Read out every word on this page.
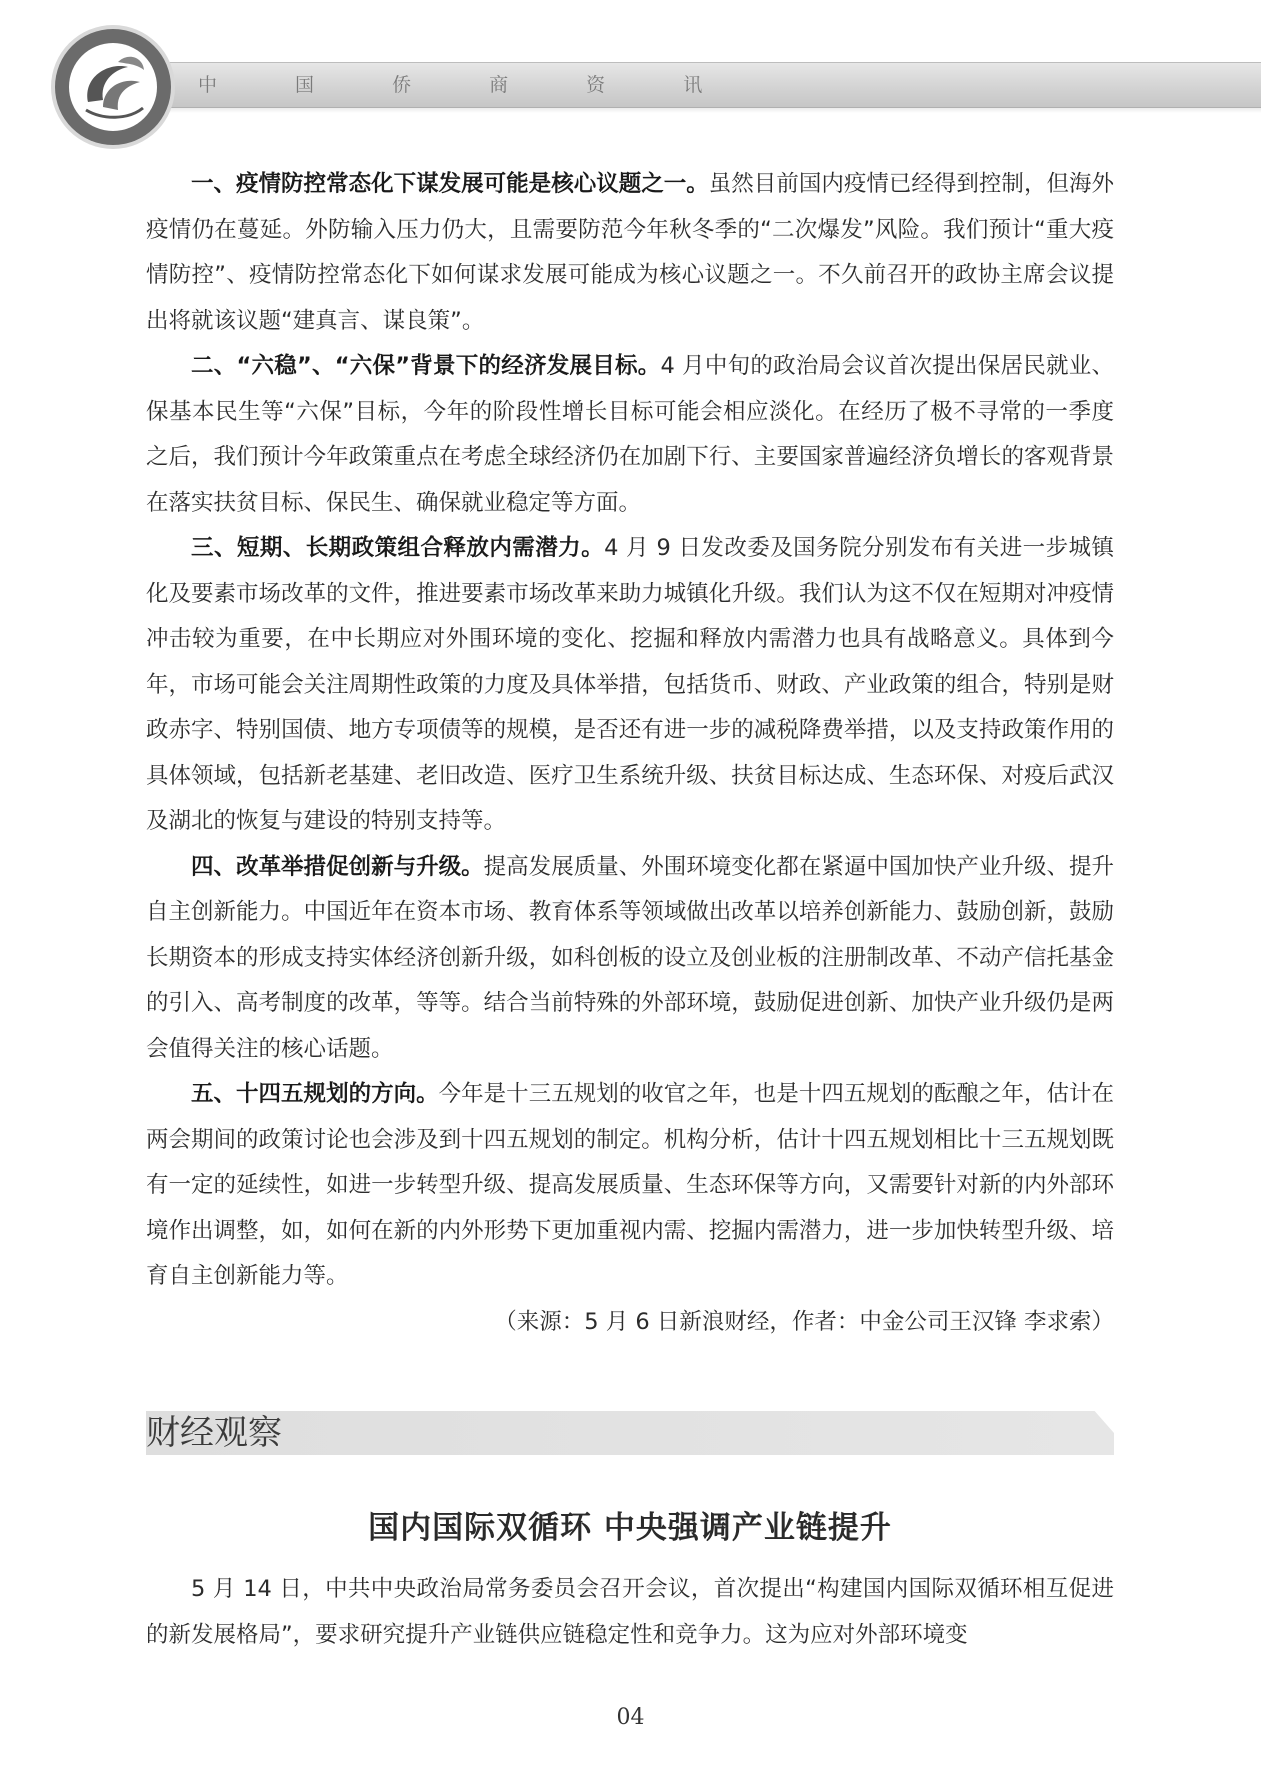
中 国 侨 商 资 讯

一、疫情防控常态化下谋发展可能是核心议题之一。虽然目前国内疫情已经得到控制，但海外疫情仍在蔓延。外防输入压力仍大，且需要防范今年秋冬季的“二次爆发”风险。我们预计“重大疫情防控”、疫情防控常态化下如何谋求发展可能成为核心议题之一。不久前召开的政协主席会议提出将就该议题“建真言、谋良策”。

二、“六稳”、“六保”背景下的经济发展目标。4 月中旬的政治局会议首次提出保居民就业、保基本民生等“六保”目标，今年的阶段性增长目标可能会相应淡化。在经历了极不寻常的一季度之后，我们预计今年政策重点在考虑全球经济仍在加剧下行、主要国家普遍经济负增长的客观背景在落实扶贫目标、保民生、确保就业稳定等方面。

三、短期、长期政策组合释放内需潜力。4 月 9 日发改委及国务院分别发布有关进一步城镇化及要素市场改革的文件，推进要素市场改革来助力城镇化升级。我们认为这不仅在短期对冲疫情冲击较为重要，在中长期应对外围环境的变化、挖掘和释放内需潜力也具有战略意义。具体到今年，市场可能会关注周期性政策的力度及具体举措，包括货币、财政、产业政策的组合，特别是财政赤字、特别国债、地方专项债等的规模，是否还有进一步的减税降费举措，以及支持政策作用的具体领域，包括新老基建、老旧改造、医疗卫生系统升级、扶贫目标达成、生态环保、对疫后武汉及湖北的恢复与建设的特别支持等。

四、改革举措促创新与升级。提高发展质量、外围环境变化都在紧逼中国加快产业升级、提升自主创新能力。中国近年在资本市场、教育体系等领域做出改革以培养创新能力、鼓励创新，鼓励长期资本的形成支持实体经济创新升级，如科创板的设立及创业板的注册制改革、不动产信托基金的引入、高考制度的改革，等等。结合当前特殊的外部环境，鼓励促进创新、加快产业升级仍是两会值得关注的核心话题。

五、十四五规划的方向。今年是十三五规划的收官之年，也是十四五规划的酝酿之年，估计在两会期间的政策讨论也会涉及到十四五规划的制定。机构分析，估计十四五规划相比十三五规划既有一定的延续性，如进一步转型升级、提高发展质量、生态环保等方向，又需要针对新的内外部环境作出调整，如，如何在新的内外形势下更加重视内需、挖掘内需潜力，进一步加快转型升级、培育自主创新能力等。

（来源：5 月 6 日新浪财经，作者：中金公司王汉锋 李求索）

财经观察
国内国际双循环 中央强调产业链提升

5 月 14 日，中共中央政治局常务委员会召开会议，首次提出“构建国内国际双循环相互促进的新发展格局”，要求研究提升产业链供应链稳定性和竞争力。这为应对外部环境变

04
